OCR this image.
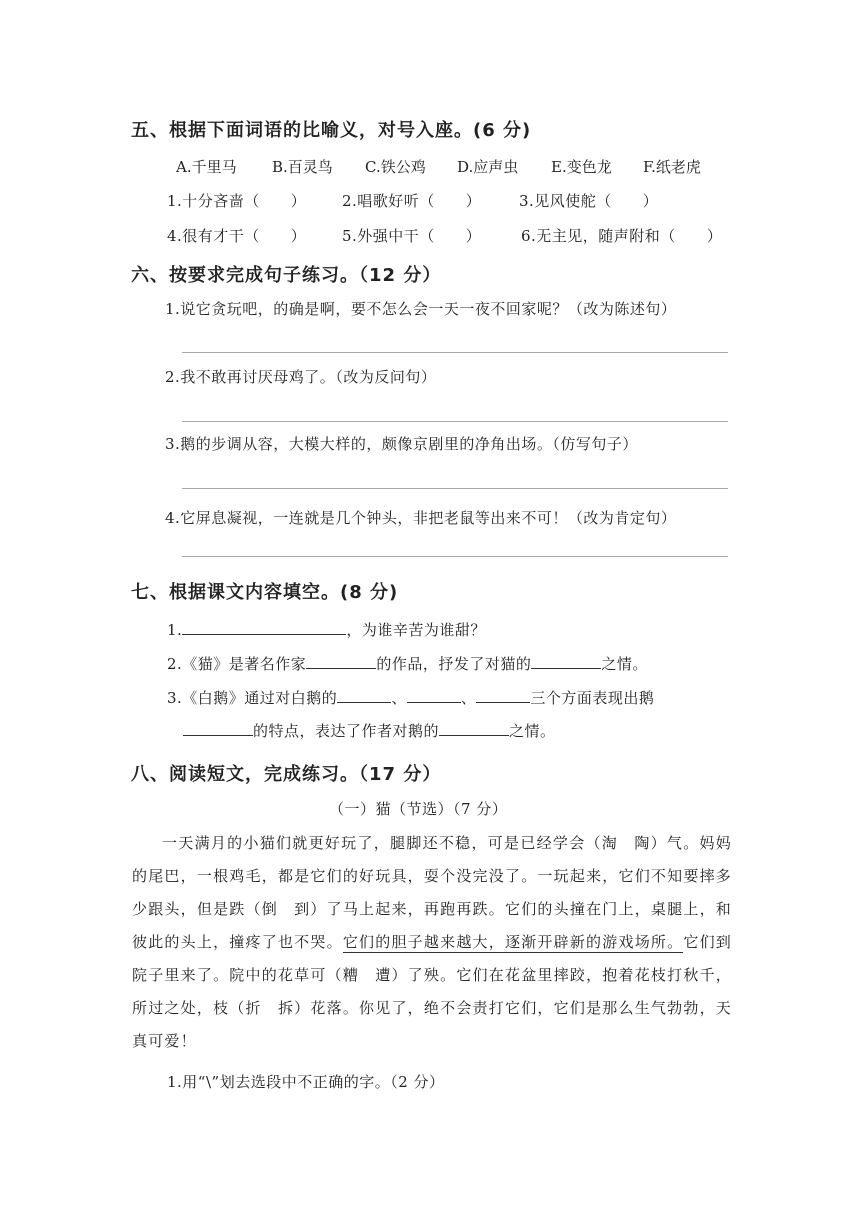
五、根据下面词语的比喻义，对号入座。(6 分)
A.千里马 B.百灵鸟 C.铁公鸡 D.应声虫 E.变色龙 F.纸老虎
1.十分吝啬（　　） 2.唱歌好听（　　）	3.见风使舵（　　）
4.很有才干（　　） 5.外强中干（　　）	6.无主见，随声附和（　　）
六、按要求完成句子练习。（12 分）
1.说它贪玩吧，的确是啊，要不怎么会一天一夜不回家呢？（改为陈述句）
2.我不敢再讨厌母鸡了。（改为反问句）
3.鹅的步调从容，大模大样的，颇像京剧里的净角出场。（仿写句子）
4.它屏息凝视，一连就是几个钟头，非把老鼠等出来不可！（改为肯定句）
七、根据课文内容填空。(8 分)
1.	，为谁辛苦为谁甜？
2.《猫》是著名作家	的作品，抒发了对猫的	之情。
3.《白鹅》通过对白鹅的	、	、	三个方面表现出鹅
的特点，表达了作者对鹅的	之情。
八、阅读短文，完成练习。（17 分）
（一）猫（节选）（7 分）

一天满月的小猫们就更好玩了，腿脚还不稳，可是已经学会（淘　陶）气。妈妈的尾巴，一根鸡毛，都是它们的好玩具，耍个没完没了。一玩起来，它们不知要摔多少跟头，但是跌（倒　到）了马上起来，再跑再跌。它们的头撞在门上，桌腿上，和彼此的头上，撞疼了也不哭。它们的胆子越来越大，逐渐开辟新的游戏场所。它们到院子里来了。院中的花草可（糟　遭）了殃。它们在花盆里摔跤，抱着花枝打秋千，所过之处，枝（折　拆）花落。你见了，绝不会责打它们，它们是那么生气勃勃，天真可爱！

1.用“\”划去选段中不正确的字。（2 分）
